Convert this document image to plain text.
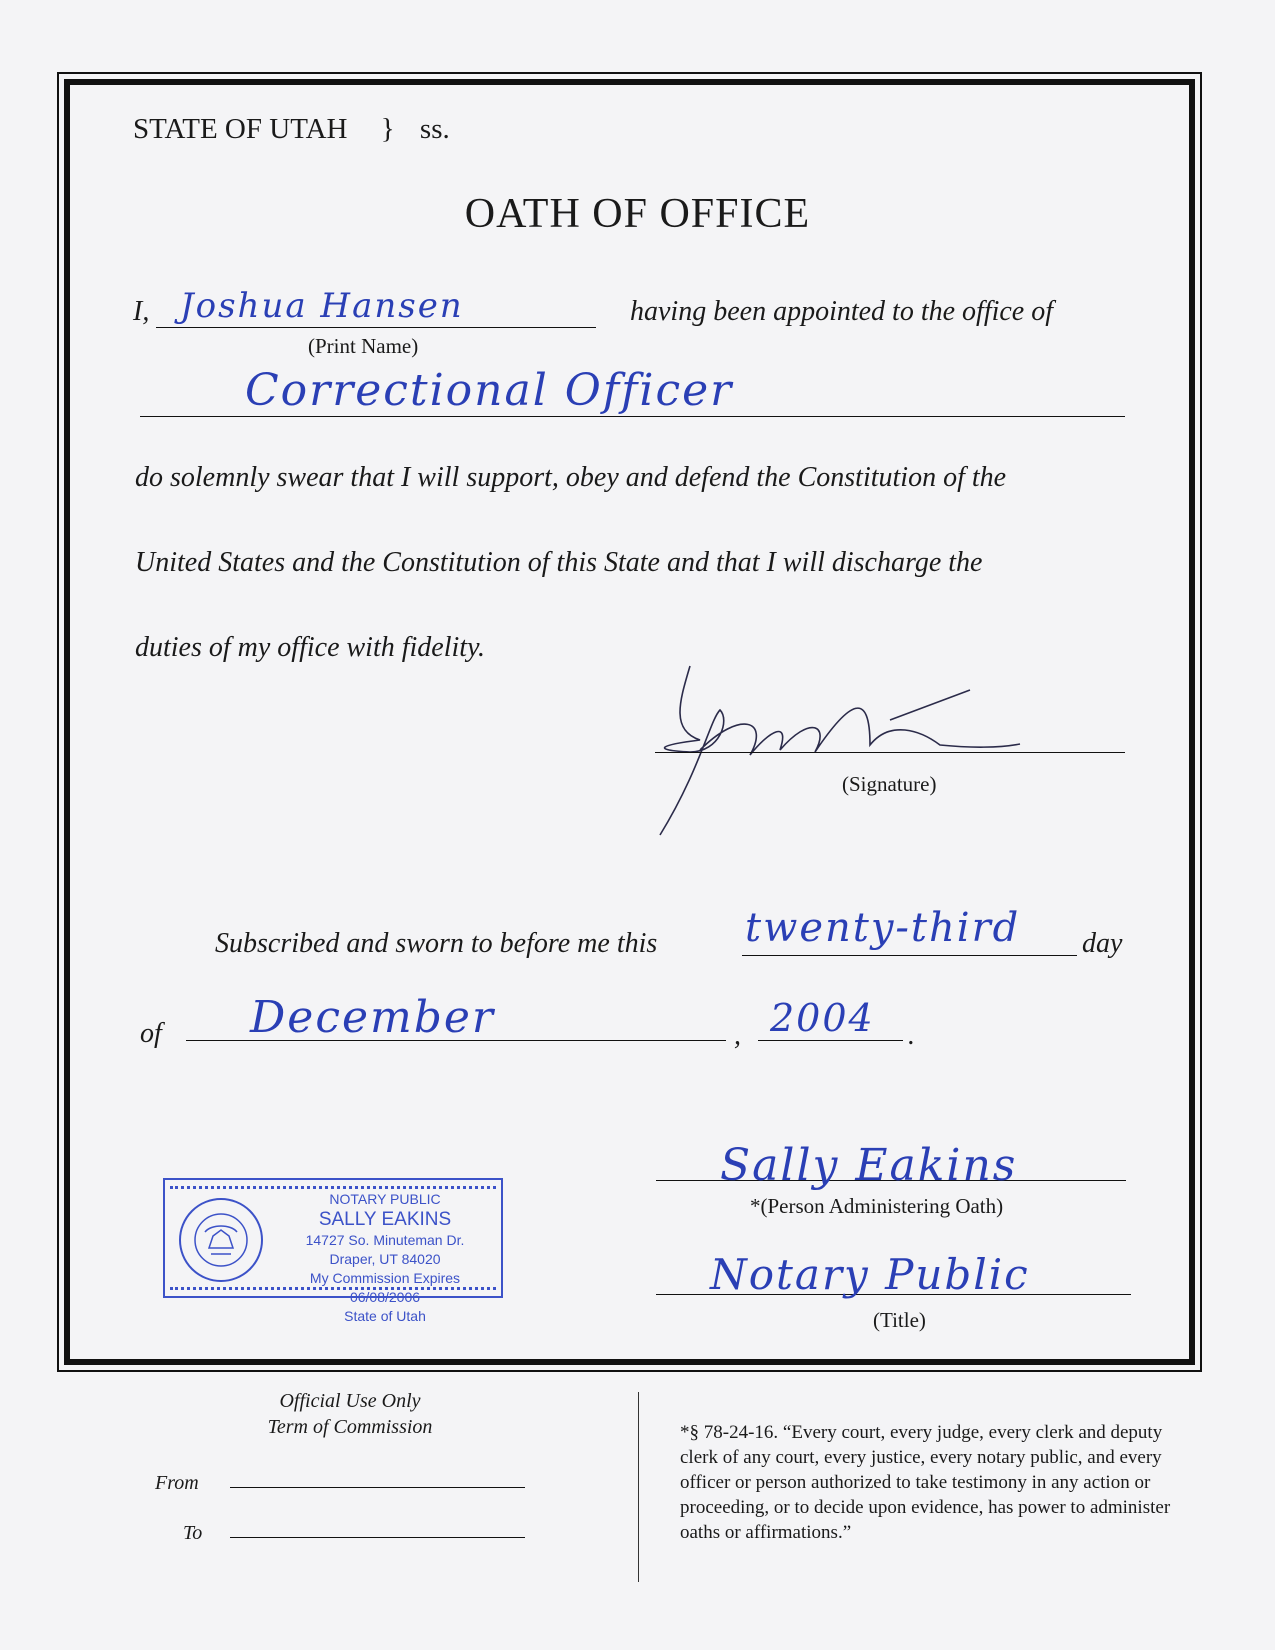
STATE OF UTAH } ss.
OATH OF OFFICE
I, Joshua Hansen
(Print Name)
having been appointed to the office of
Correctional Officer
do solemnly swear that I will support, obey and defend the Constitution of the
United States and the Constitution of this State and that I will discharge the
duties of my office with fidelity.
(Signature)
Subscribed and sworn to before me this twenty-third day
of December	, 2004 .
Sally Eakins
*(Person Administering Oath)
Notary Public
(Title)
NOTARY PUBLIC
SALLY EAKINS
14727 So. Minuteman Dr.
Draper, UT 84020
My Commission Expires 06/08/2006
State of Utah
Official Use Only
Term of Commission
From
To
*§ 78-24-16. “Every court, every judge, every clerk and deputy clerk of any court, every justice, every notary public, and every officer or person authorized to take testimony in any action or proceeding, or to decide upon evidence, has power to administer oaths or affirmations.”
